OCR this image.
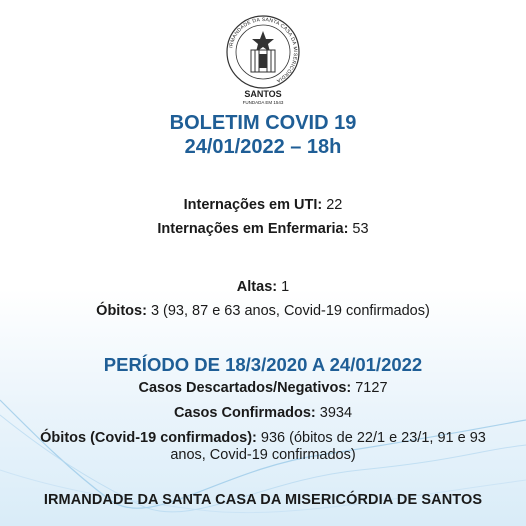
IRMANDADE DA SANTA CASA DA MISERICÓRDIA
SANTOS
FUNDADA EM 1543
BOLETIM COVID 19
24/01/2022 – 18h
Internações em UTI: 22
Internações em Enfermaria: 53
Altas: 1
Óbitos: 3 (93, 87 e 63 anos, Covid-19 confirmados)
PERÍODO DE 18/3/2020 A 24/01/2022
Casos Descartados/Negativos: 7127
Casos Confirmados: 3934
Óbitos (Covid-19 confirmados): 936 (óbitos de 22/1 e 23/1, 91 e 93
anos, Covid-19 confirmados)
IRMANDADE DA SANTA CASA DA MISERICÓRDIA DE SANTOS
